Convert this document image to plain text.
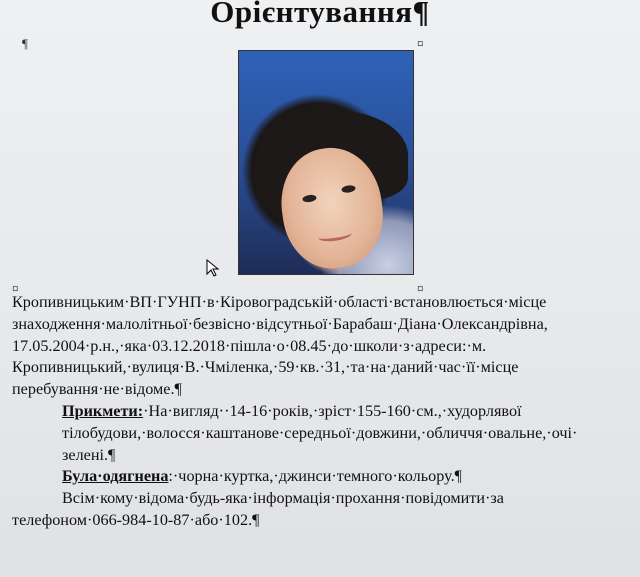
Орієнтування¶
¶	¤
¤	¤

Кропивницьким·ВП·ГУНП·в·Кіровоградській·області·встановлюється·місце знаходження·малолітньої·безвісно·відсутньої·Барабаш·Діана·Олександрівна, 17.05.2004·р.н.,·яка·03.12.2018·пішла·о·08.45·до·школи·з·адреси:·м. Кропивницький,·вулиця·В.·Чміленка,·59·кв.·31,·та·на·даний·час·її·місце перебування·не·відоме.¶

Прикмети:·На·вигляд··14-16·років,·зріст·155-160·см.,·худорлявої тілобудови,·волосся·каштанове·середньої·довжини,·обличчя·овальне,·очі· зелені.¶

Була·одягнена:·чорна·куртка,·джинси·темного·кольору.¶

Всім·кому·відома·будь-яка·інформація·прохання·повідомити·за

телефоном·066-984-10-87·або·102.¶
